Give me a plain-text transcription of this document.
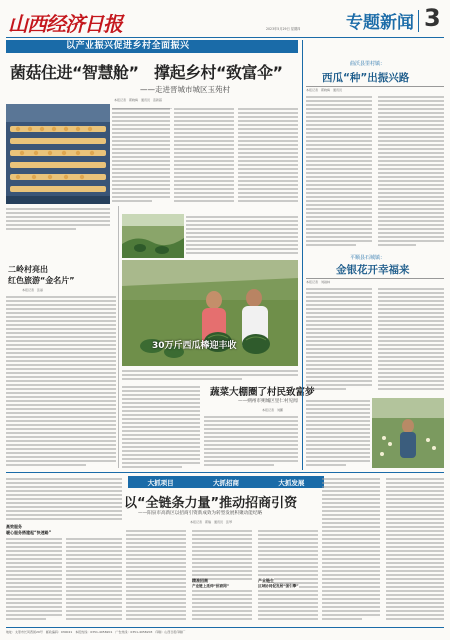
山西经济日报	2023年5月29日 星期四	专题新闻 3
以产业振兴促进乡村全面振兴
菌菇住进“智慧舱”　撑起乡村“致富伞”
——走进晋城市城区玉苑村
本报记者　郭晓梅　通讯员　苗新超
二岭村亮出
红色旅游“金名片”
本报记者　张丽
30万斤西瓜棒迎丰收
蔬菜大棚圈了村民致富梦
——朔州市朔城区里仁村见闻
本报记者　刘鹏
曲沃县里村镇：
西瓜“种”出振兴路
本报记者　郭晓梅　通讯员
平顺县石城镇：
金银花开幸福来
本报记者　刘淑林
大抓项目	大抓招商	大抓发展
以“全链条力量”推动招商引资
——阳泉市高新区以招商引资新成效为转型发展积聚动能纪略
本报记者　郭瑞　通讯员　张琴
高效服务
暖心服务搭建起“快速路”
精准招商
产业链上延伸“招商网”
产业链生
区域协同促发展“强引擎”
地址：太原市长风西街29号　邮政编码：030021　本报热线：0351-4058201　广告热线：0351-4058203　印刷：山西日报印刷厂
